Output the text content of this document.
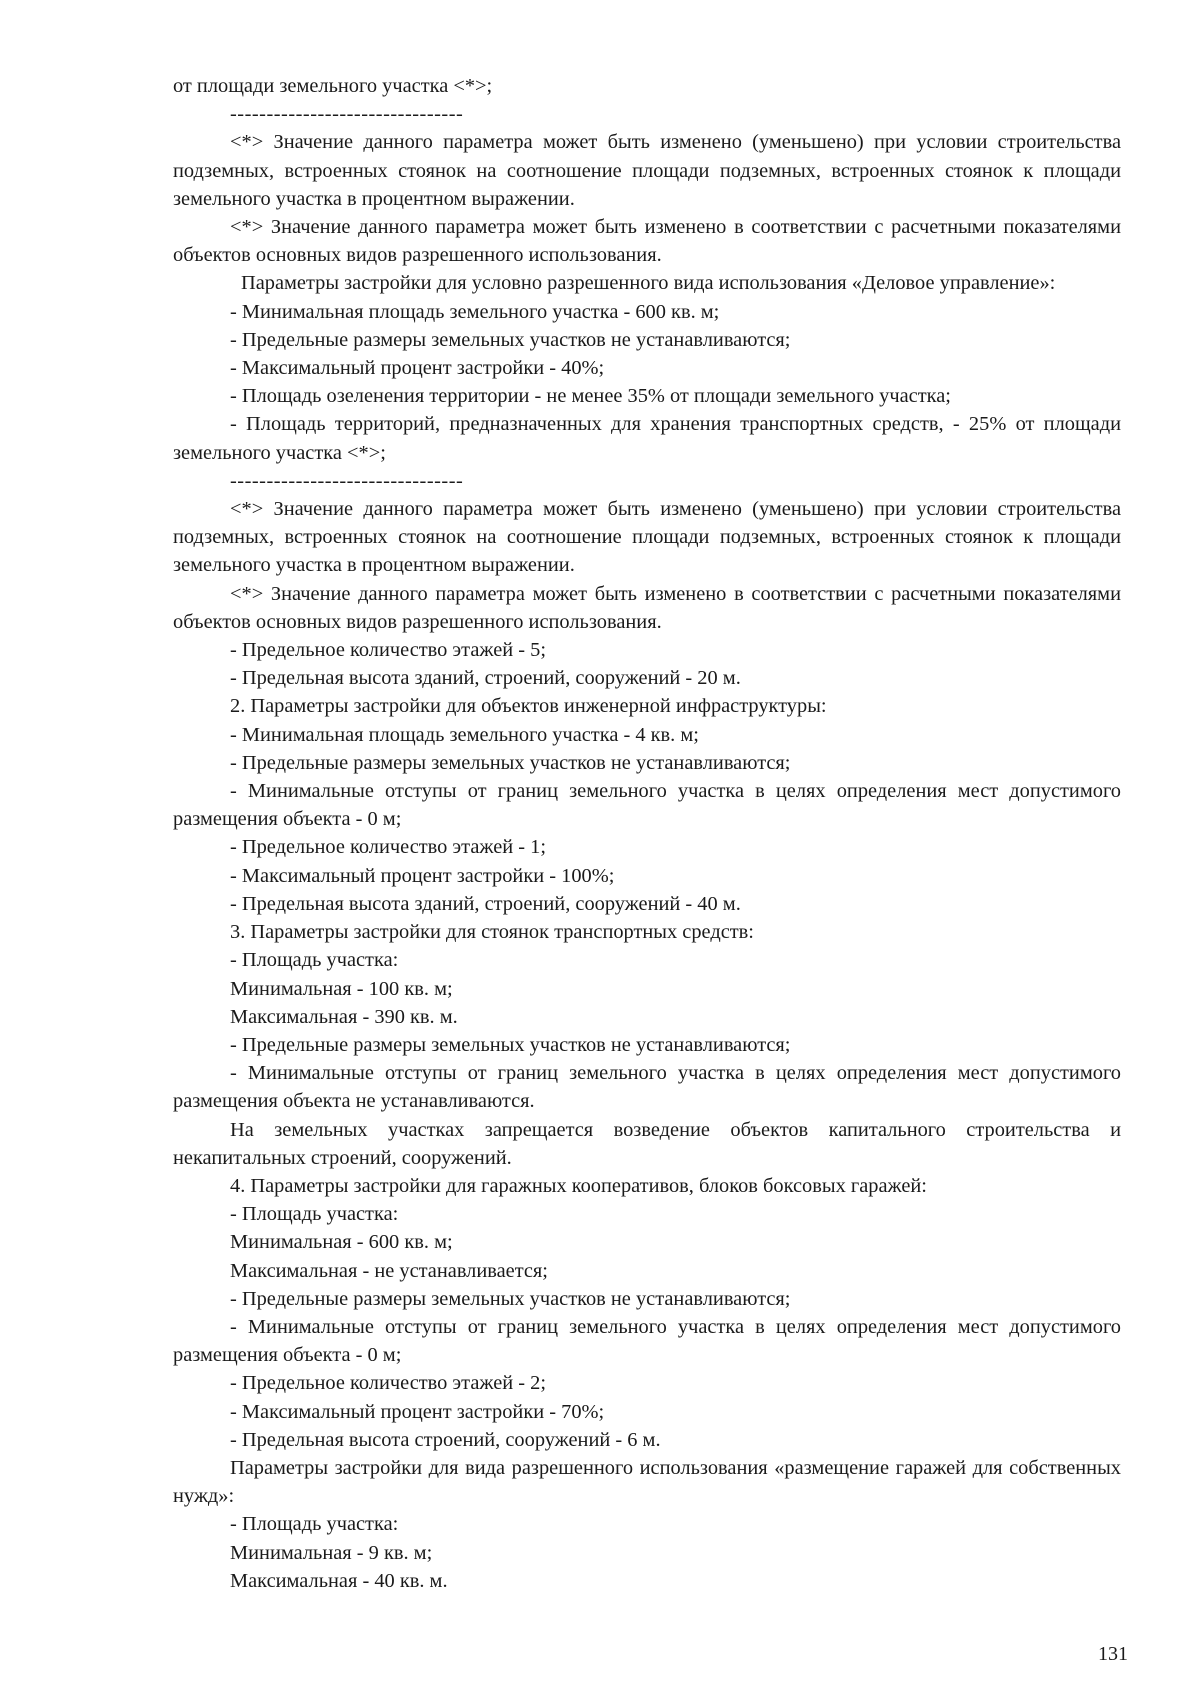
от площади земельного участка <*>;

--------------------------------

<*> Значение данного параметра может быть изменено (уменьшено) при условии строительства подземных, встроенных стоянок на соотношение площади подземных, встроенных стоянок к площади земельного участка в процентном выражении.

<*> Значение данного параметра может быть изменено в соответствии с расчетными показателями объектов основных видов разрешенного использования.

Параметры застройки для условно разрешенного вида использования «Деловое управление»:

- Минимальная площадь земельного участка - 600 кв. м;

- Предельные размеры земельных участков не устанавливаются;

- Максимальный процент застройки - 40%;

- Площадь озеленения территории - не менее 35% от площади земельного участка;

- Площадь территорий, предназначенных для хранения транспортных средств, - 25% от площади земельного участка <*>;

--------------------------------

<*> Значение данного параметра может быть изменено (уменьшено) при условии строительства подземных, встроенных стоянок на соотношение площади подземных, встроенных стоянок к площади земельного участка в процентном выражении.

<*> Значение данного параметра может быть изменено в соответствии с расчетными показателями объектов основных видов разрешенного использования.

- Предельное количество этажей - 5;

- Предельная высота зданий, строений, сооружений - 20 м.

2. Параметры застройки для объектов инженерной инфраструктуры:

- Минимальная площадь земельного участка - 4 кв. м;

- Предельные размеры земельных участков не устанавливаются;

- Минимальные отступы от границ земельного участка в целях определения мест допустимого размещения объекта - 0 м;

- Предельное количество этажей - 1;

- Максимальный процент застройки - 100%;

- Предельная высота зданий, строений, сооружений - 40 м.

3. Параметры застройки для стоянок транспортных средств:

- Площадь участка:

Минимальная - 100 кв. м;

Максимальная - 390 кв. м.

- Предельные размеры земельных участков не устанавливаются;

- Минимальные отступы от границ земельного участка в целях определения мест допустимого размещения объекта не устанавливаются.

На земельных участках запрещается возведение объектов капитального строительства и некапитальных строений, сооружений.

4. Параметры застройки для гаражных кооперативов, блоков боксовых гаражей:

- Площадь участка:

Минимальная - 600 кв. м;

Максимальная - не устанавливается;

- Предельные размеры земельных участков не устанавливаются;

- Минимальные отступы от границ земельного участка в целях определения мест допустимого размещения объекта - 0 м;

- Предельное количество этажей - 2;

- Максимальный процент застройки - 70%;

- Предельная высота строений, сооружений - 6 м.

Параметры застройки для вида разрешенного использования «размещение гаражей для собственных нужд»:

- Площадь участка:

Минимальная - 9 кв. м;

Максимальная - 40 кв. м.

131
